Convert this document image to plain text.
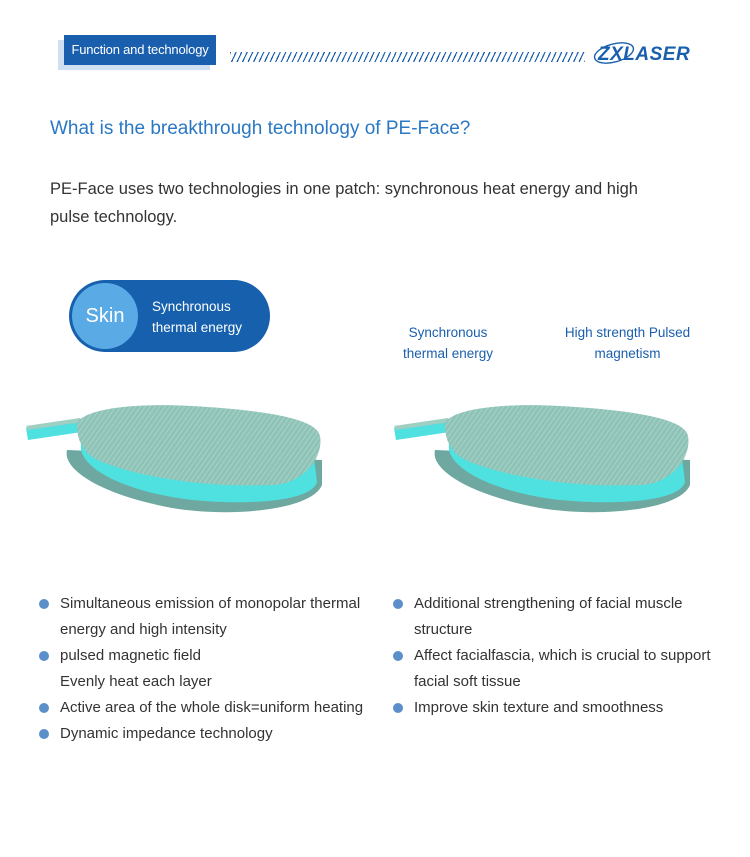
Function and technology	ZXLASER
What is the breakthrough technology of PE-Face?
PE-Face uses two technologies in one patch: synchronous heat energy and high pulse technology.
Skin	Synchronous thermal energy	Synchronous thermal energy
High strength Pulsed magnetism
Simultaneous emission of monopolar thermal energy and high intensity
pulsed magnetic field
Evenly heat each layer
Active area of the whole disk=uniform heating
Dynamic impedance technology
Additional strengthening of facial muscle structure
Affect facialfascia, which is crucial to support facial soft tissue
Improve skin texture and smoothness
